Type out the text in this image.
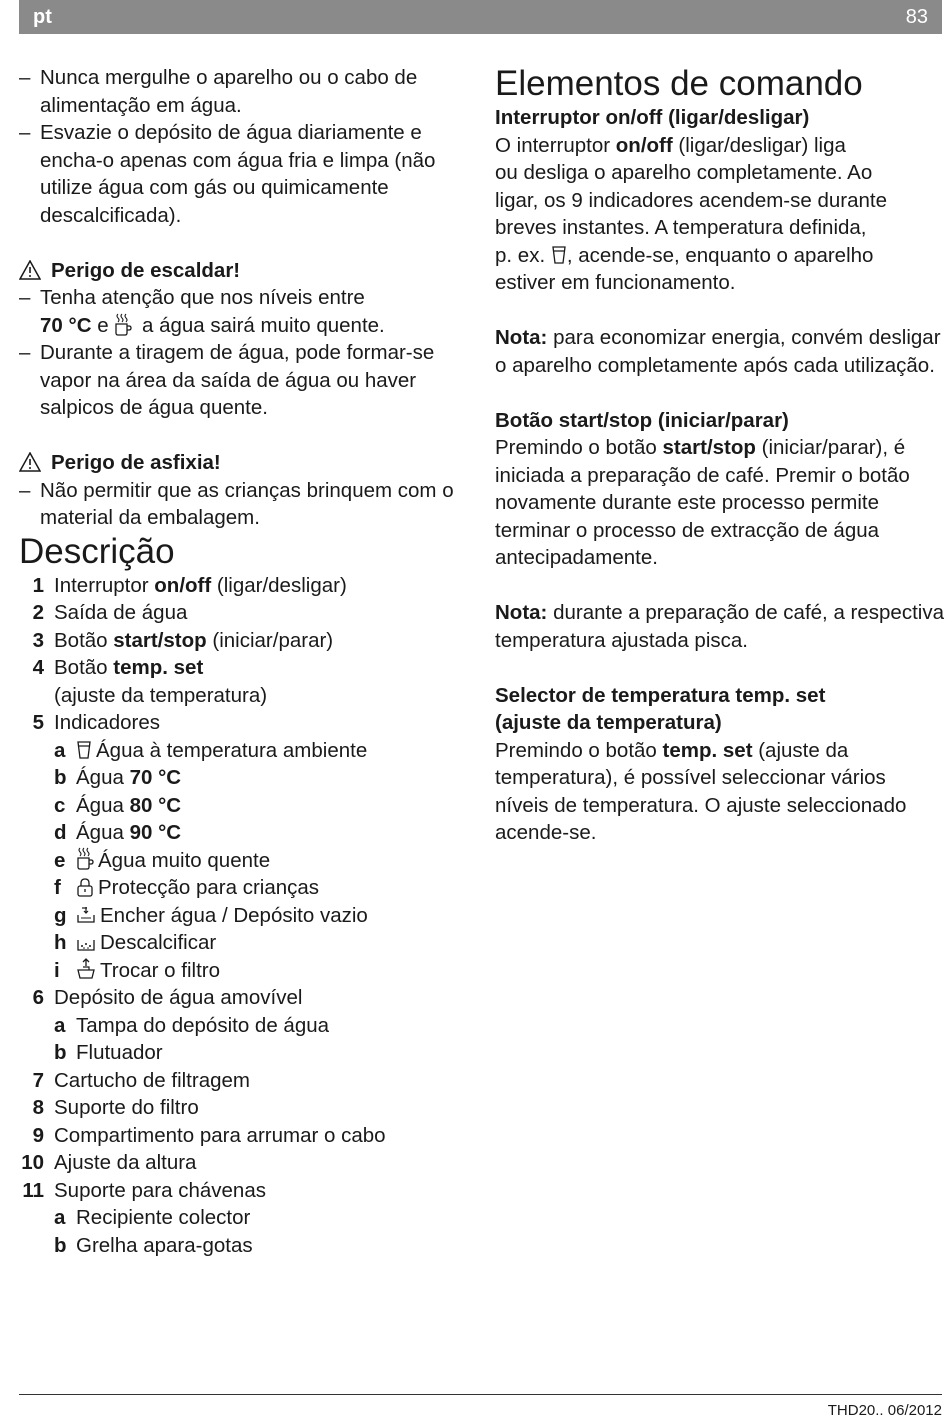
pt	83
– Nunca mergulhe o aparelho ou o cabo de alimentação em água.
– Esvazie o depósito de água diariamente e encha-o apenas com água fria e limpa (não utilize água com gás ou quimicamente descalcificada).
Perigo de escaldar!
– Tenha atenção que nos níveis entre
70 °C e  a água sairá muito quente.
– Durante a tiragem de água, pode formar-se vapor na área da saída de água ou haver salpicos de água quente.
Perigo de asfixia!
– Não permitir que as crianças brinquem com o material da embalagem.
Descrição
1 Interruptor on/off (ligar/desligar)
2 Saída de água
3 Botão start/stop (iniciar/parar)
4 Botão temp. set
(ajuste da temperatura)
5 Indicadores
a	Água à temperatura ambiente
b Água 70 °C
c Água 80 °C
d Água 90 °C
e	Água muito quente
f	Protecção para crianças
g	Encher água / Depósito vazio
h	Descalcificar
i	Trocar o filtro
6 Depósito de água amovível
a Tampa do depósito de água
b Flutuador
7 Cartucho de filtragem
8 Suporte do filtro
9 Compartimento para arrumar o cabo
10 Ajuste da altura
11 Suporte para chávenas
a Recipiente colector
b Grelha apara-gotas
Elementos de comando
Interruptor on/off (ligar/desligar)
O interruptor on/off (ligar/desligar) liga
ou desliga o aparelho completamente. Ao
ligar, os 9 indicadores acendem-se durante
breves instantes. A temperatura definida,
p. ex. , acende-se, enquanto o aparelho
estiver em funcionamento.
Nota: para economizar energia, convém desligar o aparelho completamente após cada utilização.
Botão start/stop (iniciar/parar)
Premindo o botão start/stop (iniciar/parar), é iniciada a preparação de café. Premir o botão novamente durante este processo permite terminar o processo de extracção de água antecipadamente.
Nota: durante a preparação de café, a respectiva temperatura ajustada pisca.
Selector de temperatura temp. set
(ajuste da temperatura)
Premindo o botão temp. set (ajuste da temperatura), é possível seleccionar vários níveis de temperatura. O ajuste seleccionado acende-se.
THD20.. 06/2012
